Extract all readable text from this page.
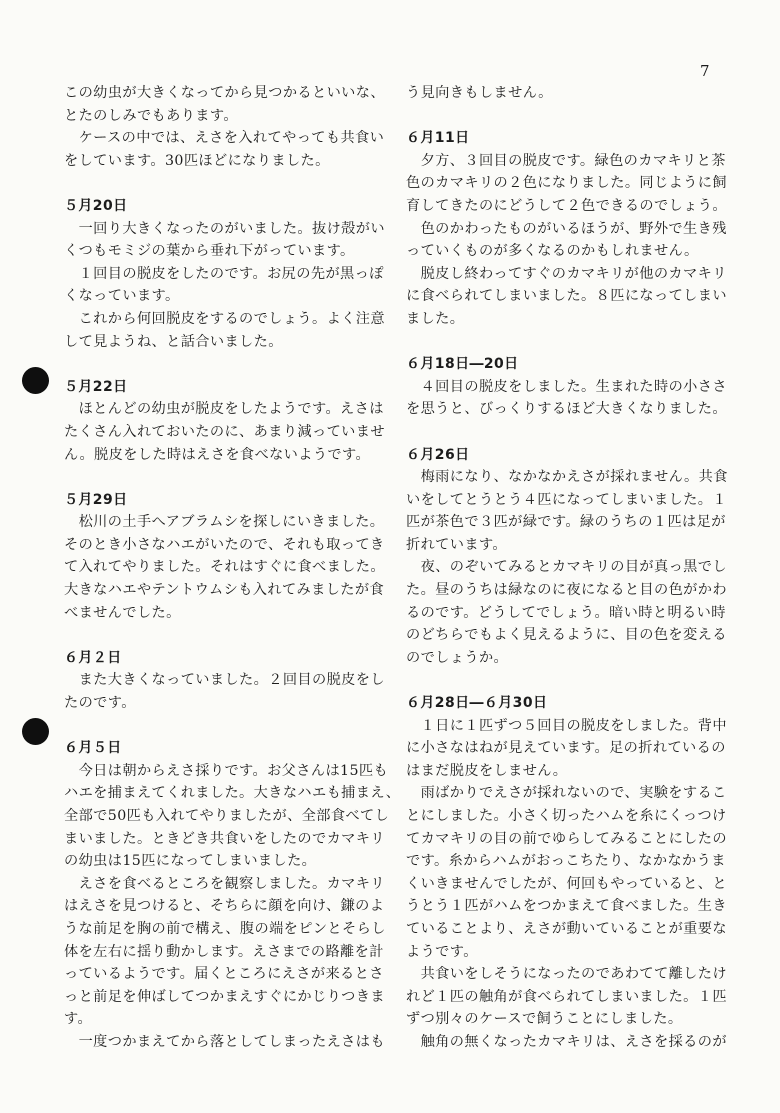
7
この幼虫が大きくなってから見つかるといいな、
とたのしみでもあります。
　ケースの中では、えさを入れてやっても共食い
をしています。30匹ほどになりました。
５月20日
　一回り大きくなったのがいました。抜け殻がい
くつもモミジの葉から垂れ下がっています。
　１回目の脱皮をしたのです。お尻の先が黒っぽ
くなっています。
　これから何回脱皮をするのでしょう。よく注意
して見ようね、と話合いました。
５月22日
　ほとんどの幼虫が脱皮をしたようです。えさは
たくさん入れておいたのに、あまり減っていませ
ん。脱皮をした時はえさを食べないようです。
５月29日
　松川の土手へアブラムシを探しにいきました。
そのとき小さなハエがいたので、それも取ってき
て入れてやりました。それはすぐに食べました。
大きなハエやテントウムシも入れてみましたが食
べませんでした。
６月２日
　また大きくなっていました。２回目の脱皮をし
たのです。
６月５日
　今日は朝からえさ採りです。お父さんは15匹も
ハエを捕まえてくれました。大きなハエも捕まえ、
全部で50匹も入れてやりましたが、全部食べてし
まいました。ときどき共食いをしたのでカマキリ
の幼虫は15匹になってしまいました。
　えさを食べるところを観察しました。カマキリ
はえさを見つけると、そちらに顔を向け、鎌のよ
うな前足を胸の前で構え、腹の端をピンとそらし
体を左右に揺り動かします。えさまでの路離を計
っているようです。届くところにえさが来るとさ
っと前足を伸ばしてつかまえすぐにかじりつきま
す。
　一度つかまえてから落としてしまったえさはも
う見向きもしません。
６月11日
　夕方、３回目の脱皮です。緑色のカマキリと茶
色のカマキリの２色になりました。同じように飼
育してきたのにどうして２色できるのでしょう。
　色のかわったものがいるほうが、野外で生き残
っていくものが多くなるのかもしれません。
　脱皮し終わってすぐのカマキリが他のカマキリ
に食べられてしまいました。８匹になってしまい
ました。
６月18日―20日
　４回目の脱皮をしました。生まれた時の小ささ
を思うと、びっくりするほど大きくなりました。
６月26日
　梅雨になり、なかなかえさが採れません。共食
いをしてとうとう４匹になってしまいました。１
匹が茶色で３匹が緑です。緑のうちの１匹は足が
折れています。
　夜、のぞいてみるとカマキリの目が真っ黒でし
た。昼のうちは緑なのに夜になると目の色がかわ
るのです。どうしてでしょう。暗い時と明るい時
のどちらでもよく見えるように、目の色を変える
のでしょうか。
６月28日―６月30日
　１日に１匹ずつ５回目の脱皮をしました。背中
に小さなはねが見えています。足の折れているの
はまだ脱皮をしません。
　雨ばかりでえさが採れないので、実験をするこ
とにしました。小さく切ったハムを糸にくっつけ
てカマキリの目の前でゆらしてみることにしたの
です。糸からハムがおっこちたり、なかなかうま
くいきませんでしたが、何回もやっていると、と
うとう１匹がハムをつかまえて食べました。生き
ていることより、えさが動いていることが重要な
ようです。
　共食いをしそうになったのであわてて離したけ
れど１匹の触角が食べられてしまいました。１匹
ずつ別々のケースで飼うことにしました。
　触角の無くなったカマキリは、えさを採るのが
